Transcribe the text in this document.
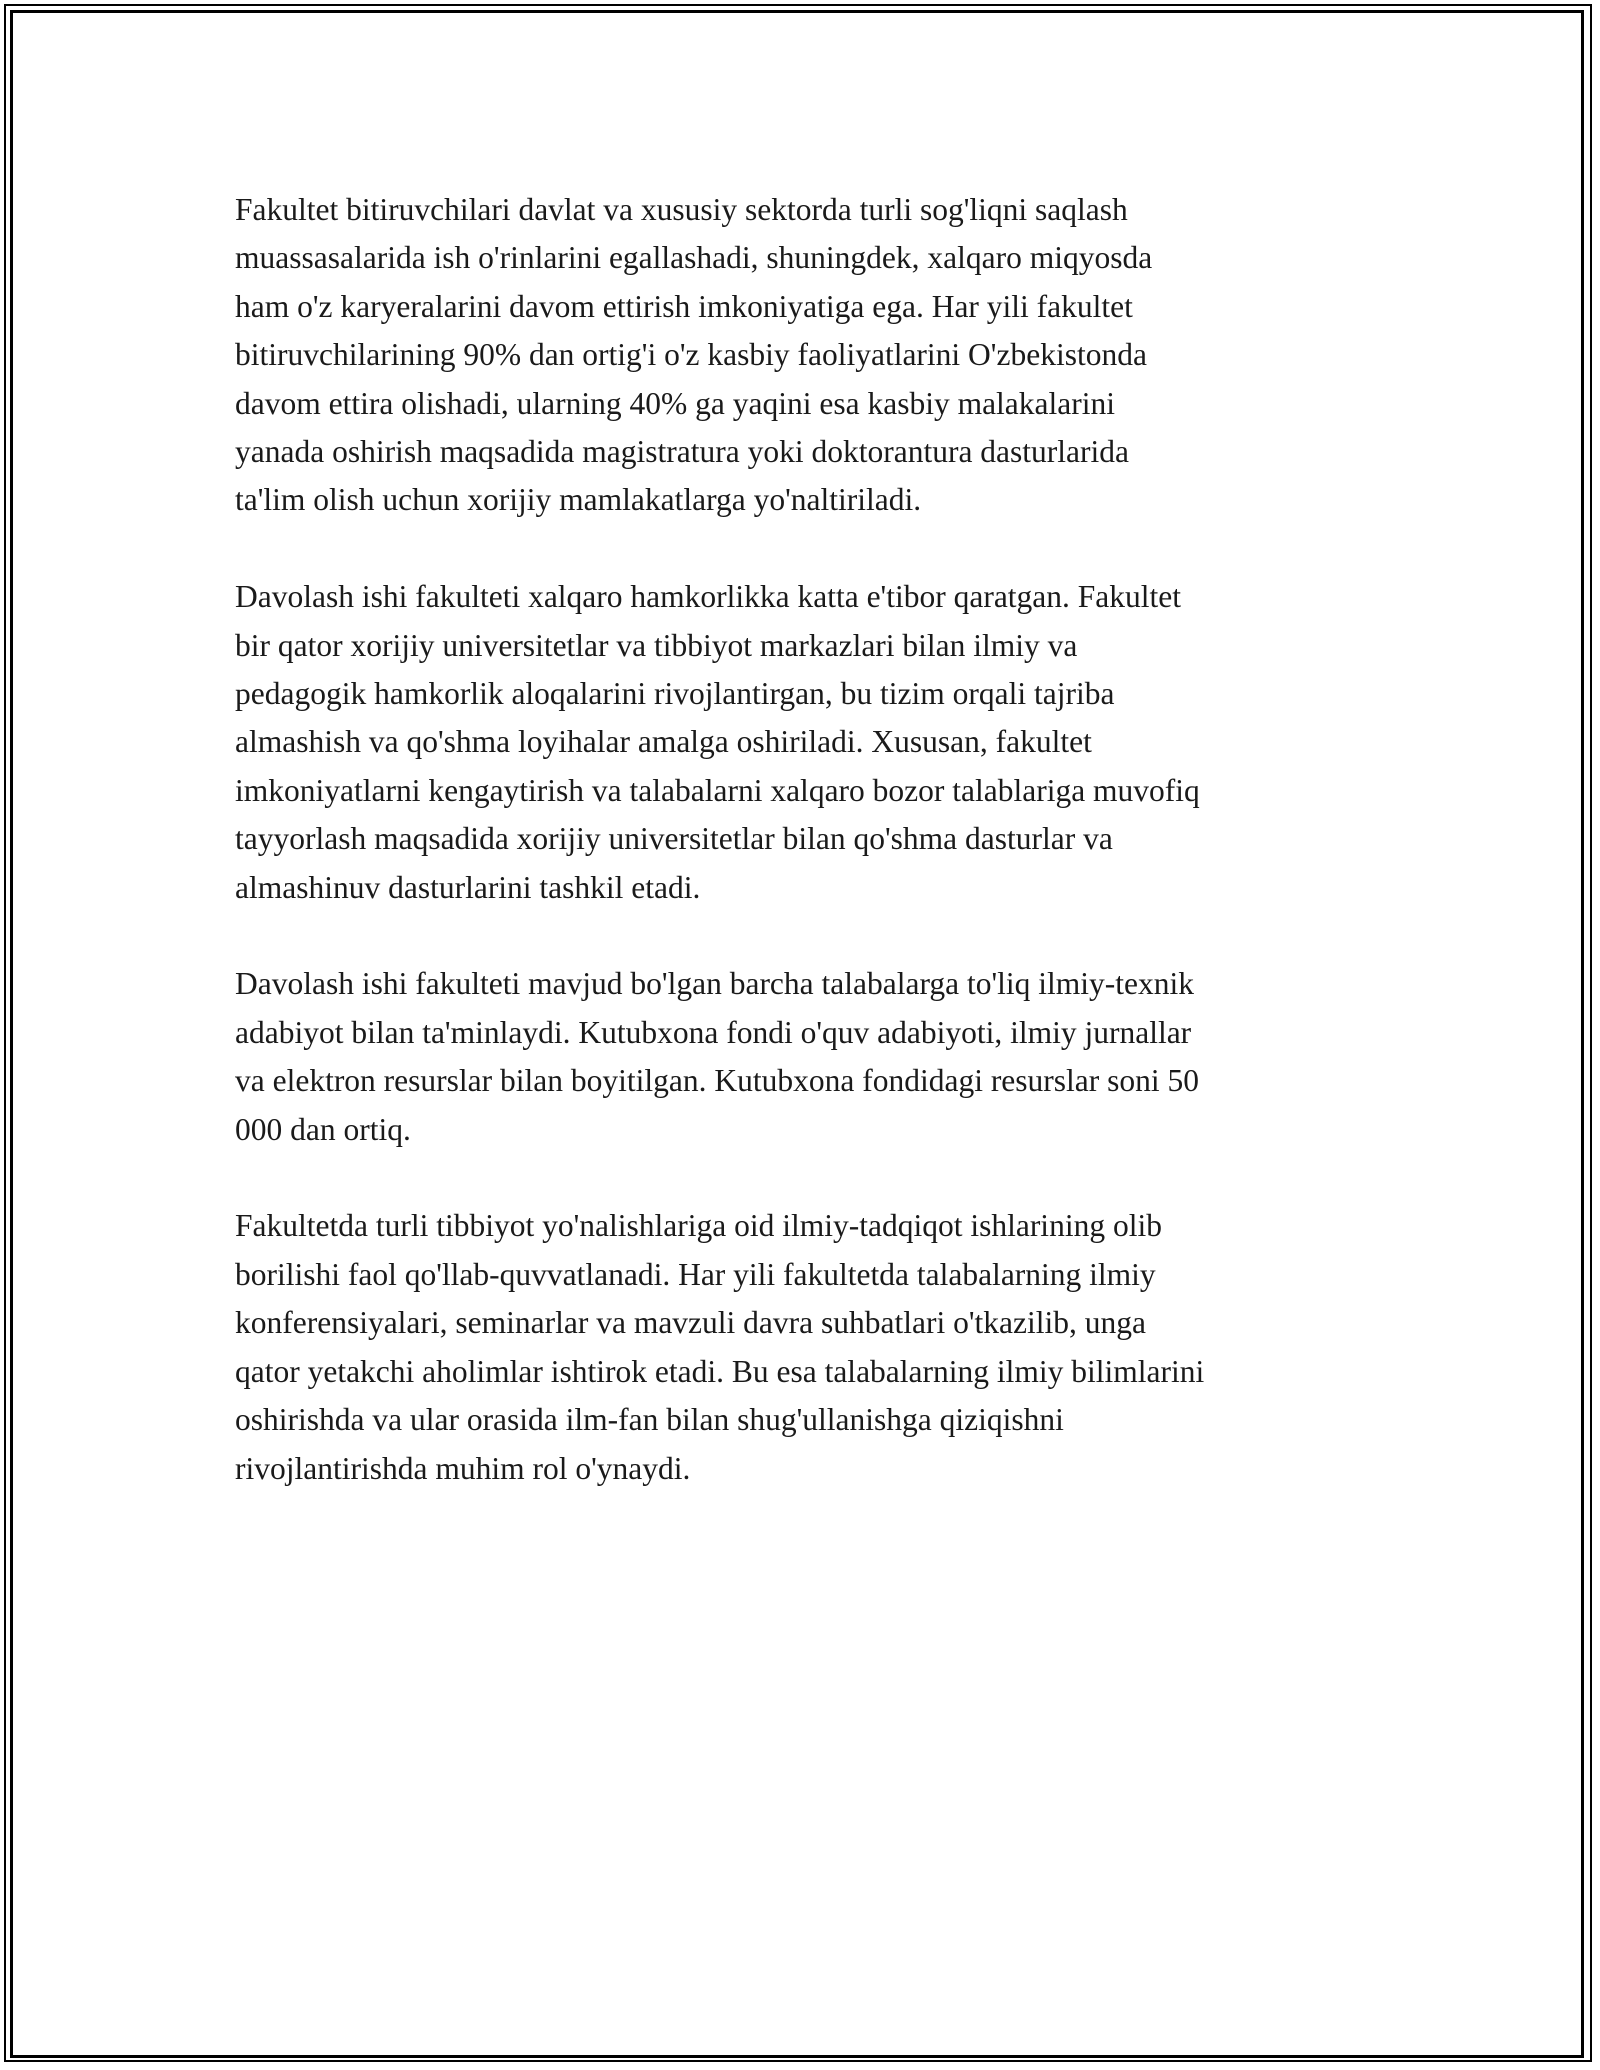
Fakultet bitiruvchilari davlat va xususiy sektorda turli sog'liqni saqlash
muassasalarida ish o'rinlarini egallashadi, shuningdek, xalqaro miqyosda
ham o'z karyeralarini davom ettirish imkoniyatiga ega. Har yili fakultet
bitiruvchilarining 90% dan ortig'i o'z kasbiy faoliyatlarini O'zbekistonda
davom ettira olishadi, ularning 40% ga yaqini esa kasbiy malakalarini
yanada oshirish maqsadida magistratura yoki doktorantura dasturlarida
ta'lim olish uchun xorijiy mamlakatlarga yo'naltiriladi.

Davolash ishi fakulteti xalqaro hamkorlikka katta e'tibor qaratgan. Fakultet
bir qator xorijiy universitetlar va tibbiyot markazlari bilan ilmiy va
pedagogik hamkorlik aloqalarini rivojlantirgan, bu tizim orqali tajriba
almashish va qo'shma loyihalar amalga oshiriladi. Xususan, fakultet
imkoniyatlarni kengaytirish va talabalarni xalqaro bozor talablariga muvofiq
tayyorlash maqsadida xorijiy universitetlar bilan qo'shma dasturlar va
almashinuv dasturlarini tashkil etadi.

Davolash ishi fakulteti mavjud bo'lgan barcha talabalarga to'liq ilmiy-texnik
adabiyot bilan ta'minlaydi. Kutubxona fondi o'quv adabiyoti, ilmiy jurnallar
va elektron resurslar bilan boyitilgan. Kutubxona fondidagi resurslar soni 50
000 dan ortiq.

Fakultetda turli tibbiyot yo'nalishlariga oid ilmiy-tadqiqot ishlarining olib
borilishi faol qo'llab-quvvatlanadi. Har yili fakultetda talabalarning ilmiy
konferensiyalari, seminarlar va mavzuli davra suhbatlari o'tkazilib, unga
qator yetakchi aholimlar ishtirok etadi. Bu esa talabalarning ilmiy bilimlarini
oshirishda va ular orasida ilm-fan bilan shug'ullanishga qiziqishni
rivojlantirishda muhim rol o'ynaydi.
